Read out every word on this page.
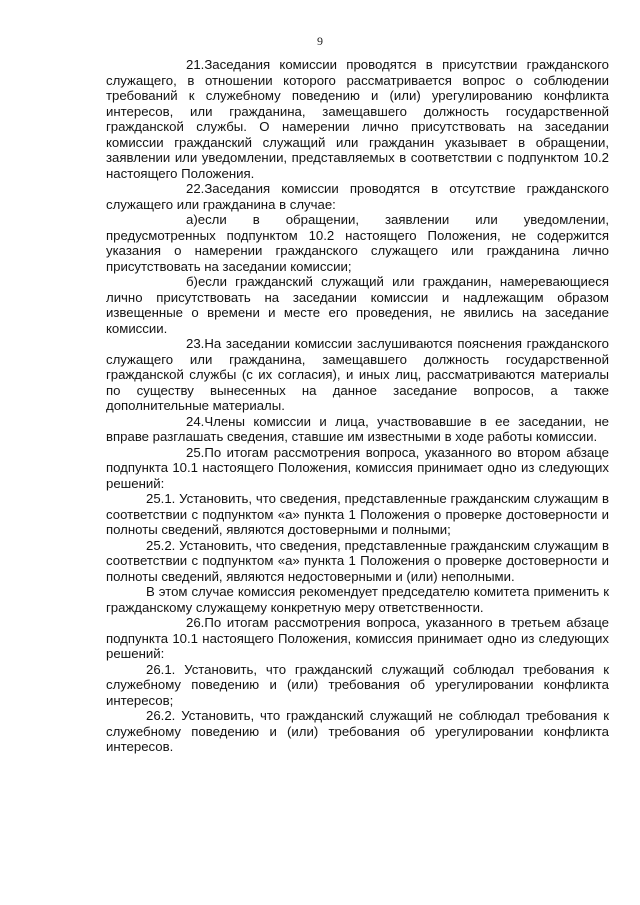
9

21.Заседания комиссии проводятся в присутствии гражданского служащего, в отношении которого рассматривается вопрос о соблюдении требований к служебному поведению и (или) урегулированию конфликта интересов, или гражданина, замещавшего должность государственной гражданской службы. О намерении лично присутствовать на заседании комиссии гражданский служащий или гражданин указывает в обращении, заявлении или уведомлении, представляемых в соответствии с подпунктом 10.2 настоящего Положения.

22.Заседания комиссии проводятся в отсутствие гражданского служащего или гражданина в случае:

а)если в обращении, заявлении или уведомлении, предусмотренных подпунктом 10.2 настоящего Положения, не содержится указания о намерении гражданского служащего или гражданина лично присутствовать на заседании комиссии;

б)если гражданский служащий или гражданин, намеревающиеся лично присутствовать на заседании комиссии и надлежащим образом извещенные о времени и месте его проведения, не явились на заседание комиссии.

23.На заседании комиссии заслушиваются пояснения гражданского служащего или гражданина, замещавшего должность государственной гражданской службы (с их согласия), и иных лиц, рассматриваются материалы по существу вынесенных на данное заседание вопросов, а также дополнительные материалы.

24.Члены комиссии и лица, участвовавшие в ее заседании, не вправе разглашать сведения, ставшие им известными в ходе работы комиссии.

25.По итогам рассмотрения вопроса, указанного во втором абзаце подпункта 10.1 настоящего Положения, комиссия принимает одно из следующих решений:

25.1. Установить, что сведения, представленные гражданским служащим в соответствии с подпунктом «а» пункта 1 Положения о проверке достоверности и полноты сведений, являются достоверными и полными;

25.2. Установить, что сведения, представленные гражданским служащим в соответствии с подпунктом «а» пункта 1 Положения о проверке достоверности и полноты сведений, являются недостоверными и (или) неполными.

В этом случае комиссия рекомендует председателю комитета применить к гражданскому служащему конкретную меру ответственности.

26.По итогам рассмотрения вопроса, указанного в третьем абзаце подпункта 10.1 настоящего Положения, комиссия принимает одно из следующих решений:

26.1. Установить, что гражданский служащий соблюдал требования к служебному поведению и (или) требования об урегулировании конфликта интересов;

26.2. Установить, что гражданский служащий не соблюдал требования к служебному поведению и (или) требования об урегулировании конфликта интересов.
